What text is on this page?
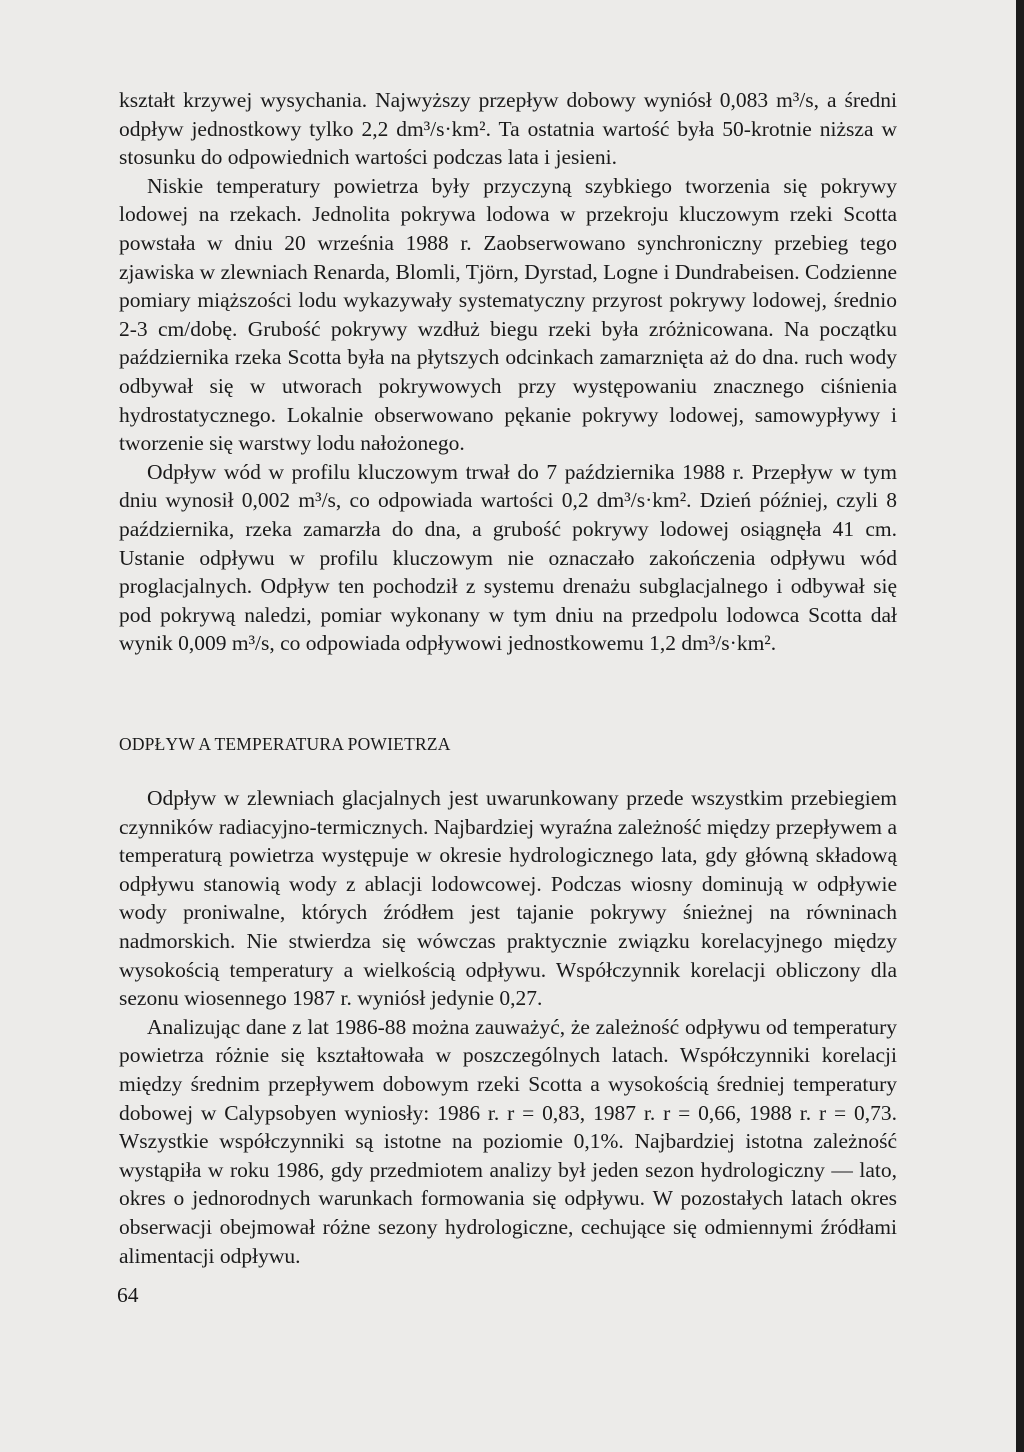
kształt krzywej wysychania. Najwyższy przepływ dobowy wyniósł 0,083 m³/s, a średni odpływ jednostkowy tylko 2,2 dm³/s·km². Ta ostatnia wartość była 50-krotnie niższa w stosunku do odpowiednich wartości podczas lata i jesieni.

Niskie temperatury powietrza były przyczyną szybkiego tworzenia się pokrywy lodowej na rzekach. Jednolita pokrywa lodowa w przekroju kluczowym rzeki Scotta powstała w dniu 20 września 1988 r. Zaobserwowano synchroniczny przebieg tego zjawiska w zlewniach Renarda, Blomli, Tjörn, Dyrstad, Logne i Dundrabeisen. Codzienne pomiary miąższości lodu wykazywały systematyczny przyrost pokrywy lodowej, średnio 2-3 cm/dobę. Grubość pokrywy wzdłuż biegu rzeki była zróżnicowana. Na początku października rzeka Scotta była na płytszych odcinkach zamarznięta aż do dna. ruch wody odbywał się w utworach pokrywowych przy występowaniu znacznego ciśnienia hydrostatycznego. Lokalnie obserwowano pękanie pokrywy lodowej, samowypływy i tworzenie się warstwy lodu nałożonego.

Odpływ wód w profilu kluczowym trwał do 7 października 1988 r. Przepływ w tym dniu wynosił 0,002 m³/s, co odpowiada wartości 0,2 dm³/s·km². Dzień później, czyli 8 października, rzeka zamarzła do dna, a grubość pokrywy lodowej osiągnęła 41 cm. Ustanie odpływu w profilu kluczowym nie oznaczało zakończenia odpływu wód proglacjalnych. Odpływ ten pochodził z systemu drenażu subglacjalnego i odbywał się pod pokrywą naledzi, pomiar wykonany w tym dniu na przedpolu lodowca Scotta dał wynik 0,009 m³/s, co odpowiada odpływowi jednostkowemu 1,2 dm³/s·km².

ODPŁYW A TEMPERATURA POWIETRZA

Odpływ w zlewniach glacjalnych jest uwarunkowany przede wszystkim przebiegiem czynników radiacyjno-termicznych. Najbardziej wyraźna zależność między przepływem a temperaturą powietrza występuje w okresie hydrologicznego lata, gdy główną składową odpływu stanowią wody z ablacji lodowcowej. Podczas wiosny dominują w odpływie wody proniwalne, których źródłem jest tajanie pokrywy śnieżnej na równinach nadmorskich. Nie stwierdza się wówczas praktycznie związku korelacyjnego między wysokością temperatury a wielkością odpływu. Współczynnik korelacji obliczony dla sezonu wiosennego 1987 r. wyniósł jedynie 0,27.

Analizując dane z lat 1986-88 można zauważyć, że zależność odpływu od temperatury powietrza różnie się kształtowała w poszczególnych latach. Współczynniki korelacji między średnim przepływem dobowym rzeki Scotta a wysokością średniej temperatury dobowej w Calypsobyen wyniosły: 1986 r. r = 0,83, 1987 r. r = 0,66, 1988 r. r = 0,73. Wszystkie współczynniki są istotne na poziomie 0,1%. Najbardziej istotna zależność wystąpiła w roku 1986, gdy przedmiotem analizy był jeden sezon hydrologiczny — lato, okres o jednorodnych warunkach formowania się odpływu. W pozostałych latach okres obserwacji obejmował różne sezony hydrologiczne, cechujące się odmiennymi źródłami alimentacji odpływu.

64
